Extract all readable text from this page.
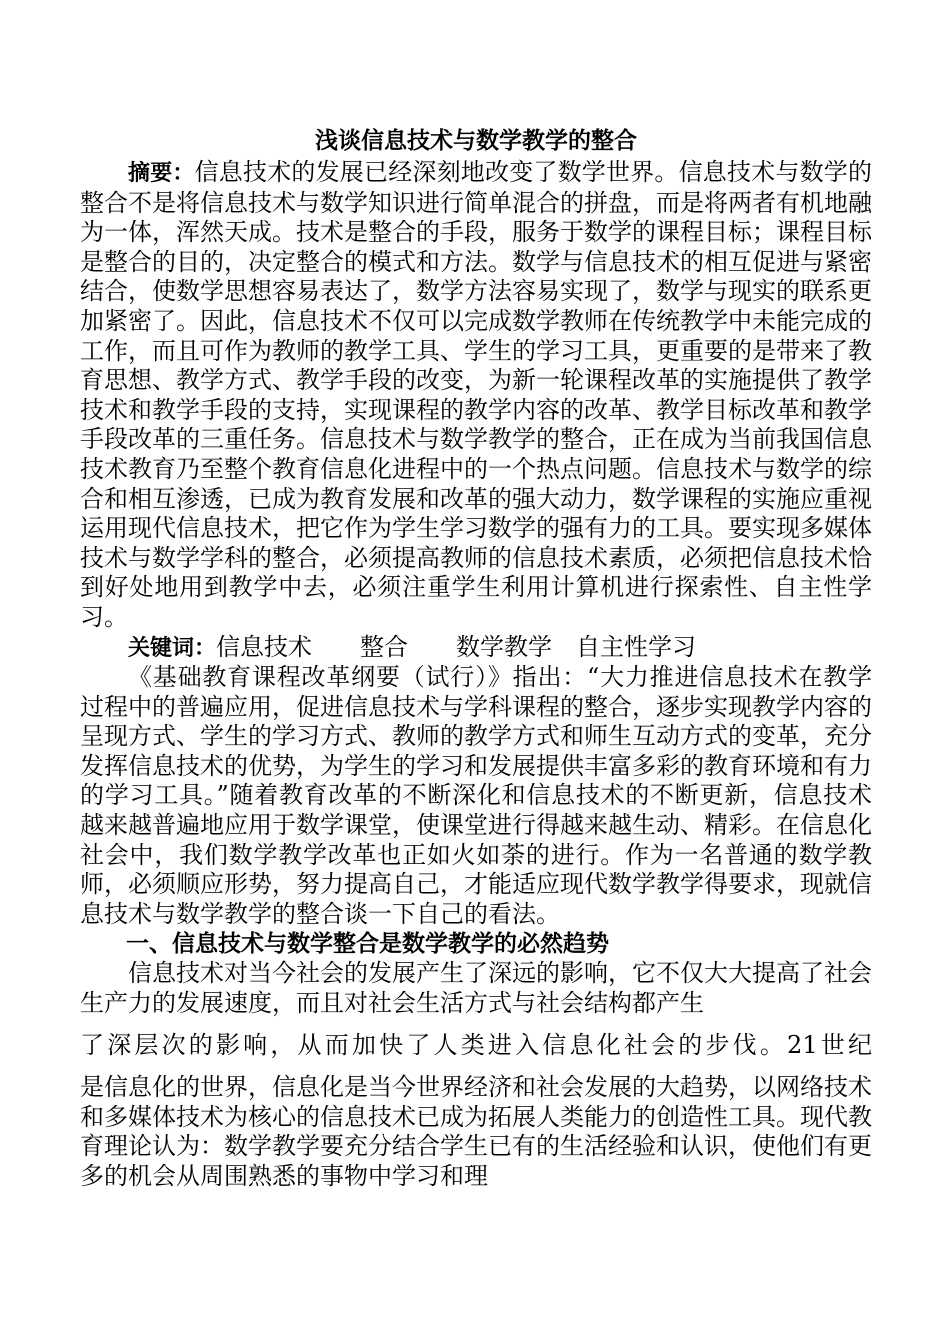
浅谈信息技术与数学教学的整合

摘要：信息技术的发展已经深刻地改变了数学世界。信息技术与数学的整合不是将信息技术与数学知识进行简单混合的拼盘，而是将两者有机地融为一体，浑然天成。技术是整合的手段，服务于数学的课程目标；课程目标是整合的目的，决定整合的模式和方法。数学与信息技术的相互促进与紧密结合，使数学思想容易表达了，数学方法容易实现了，数学与现实的联系更加紧密了。因此，信息技术不仅可以完成数学教师在传统教学中未能完成的工作，而且可作为教师的教学工具、学生的学习工具，更重要的是带来了教育思想、教学方式、教学手段的改变，为新一轮课程改革的实施提供了教学技术和教学手段的支持，实现课程的教学内容的改革、教学目标改革和教学手段改革的三重任务。信息技术与数学教学的整合，正在成为当前我国信息技术教育乃至整个教育信息化进程中的一个热点问题。信息技术与数学的综合和相互渗透，已成为教育发展和改革的强大动力，数学课程的实施应重视运用现代信息技术，把它作为学生学习数学的强有力的工具。要实现多媒体技术与数学学科的整合，必须提高教师的信息技术素质，必须把信息技术恰到好处地用到教学中去，必须注重学生利用计算机进行探索性、自主性学习。

关键词：信息技术　　整合　　数学教学　自主性学习

《基础教育课程改革纲要（试行）》指出：“大力推进信息技术在教学过程中的普遍应用，促进信息技术与学科课程的整合，逐步实现教学内容的呈现方式、学生的学习方式、教师的教学方式和师生互动方式的变革，充分发挥信息技术的优势，为学生的学习和发展提供丰富多彩的教育环境和有力的学习工具。”随着教育改革的不断深化和信息技术的不断更新，信息技术越来越普遍地应用于数学课堂，使课堂进行得越来越生动、精彩。在信息化社会中，我们数学教学改革也正如火如荼的进行。作为一名普通的数学教师，必须顺应形势，努力提高自己，才能适应现代数学教学得要求，现就信息技术与数学教学的整合谈一下自己的看法。

一、信息技术与数学整合是数学教学的必然趋势

信息技术对当今社会的发展产生了深远的影响，它不仅大大提高了社会生产力的发展速度，而且对社会生活方式与社会结构都产生

了深层次的影响，从而加快了人类进入信息化社会的步伐。21世纪

是信息化的世界，信息化是当今世界经济和社会发展的大趋势，以网络技术和多媒体技术为核心的信息技术已成为拓展人类能力的创造性工具。现代教育理论认为：数学教学要充分结合学生已有的生活经验和认识，使他们有更多的机会从周围熟悉的事物中学习和理
